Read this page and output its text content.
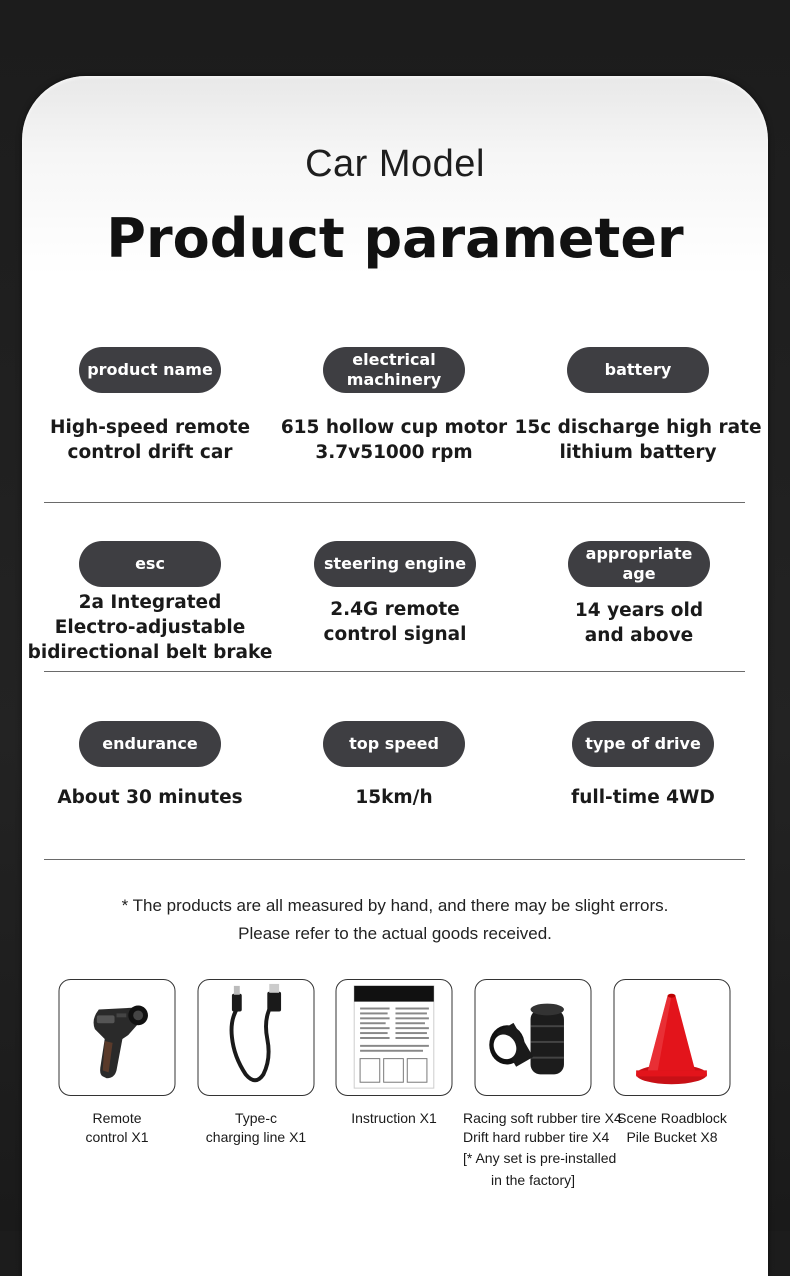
Car Model
Product parameter
product name
High-speed remote
control drift car
electrical
machinery
615 hollow cup motor
3.7v51000 rpm
battery
15c discharge high rate
lithium battery
esc
2a Integrated
Electro-adjustable
bidirectional belt brake
steering engine
2.4G remote
control signal
appropriate age
14 years old
and above
endurance
About 30 minutes
top speed
15km/h
type of drive
full-time 4WD
* The products are all measured by hand, and there may be slight errors.
Please refer to the actual goods received.
Remote
control X1
Type-c
charging line X1
Instruction X1	Racing soft rubber tire X4
Drift hard rubber tire X4
[* Any set is pre-installed
in the factory]
Scene Roadblock
Pile Bucket X8
